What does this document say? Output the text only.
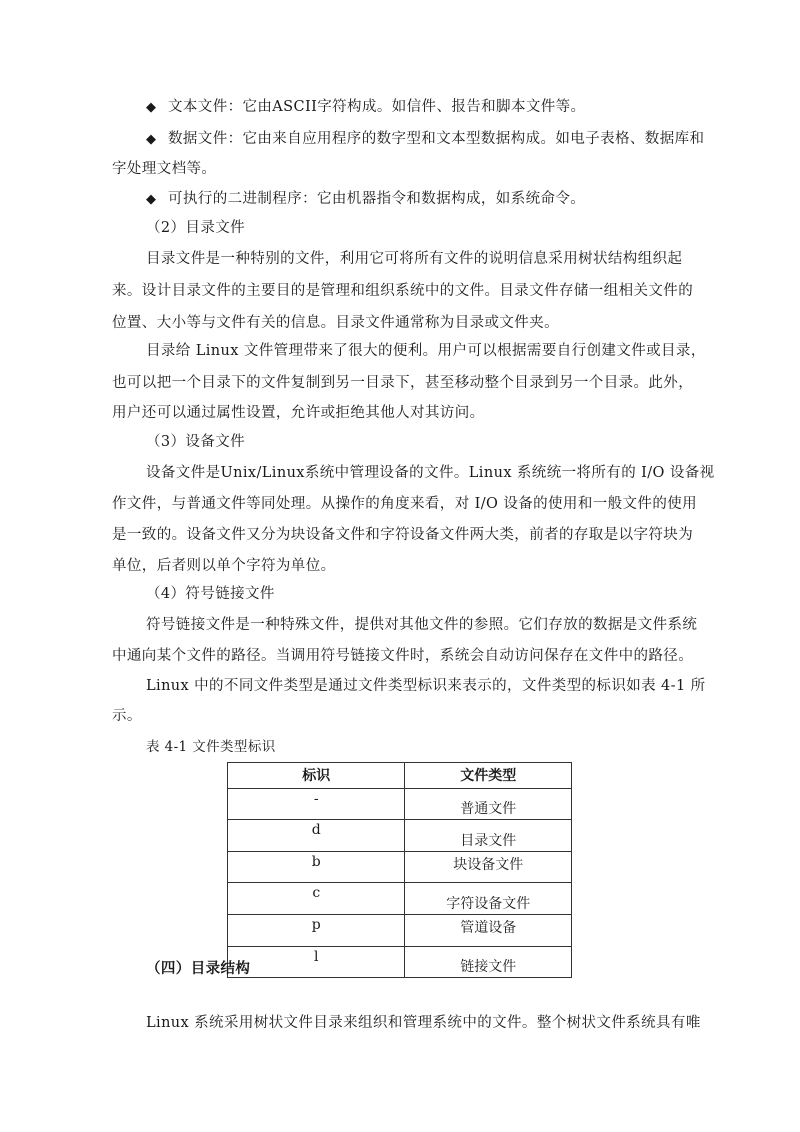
◆ 文本文件：它由ASCII字符构成。如信件、报告和脚本文件等。
◆ 数据文件：它由来自应用程序的数字型和文本型数据构成。如电子表格、数据库和
字处理文档等。
◆ 可执行的二进制程序：它由机器指令和数据构成，如系统命令。
（2）目录文件
目录文件是一种特别的文件，利用它可将所有文件的说明信息采用树状结构组织起
来。设计目录文件的主要目的是管理和组织系统中的文件。目录文件存储一组相关文件的
位置、大小等与文件有关的信息。目录文件通常称为目录或文件夹。
目录给 Linux 文件管理带来了很大的便利。用户可以根据需要自行创建文件或目录，
也可以把一个目录下的文件复制到另一目录下，甚至移动整个目录到另一个目录。此外，
用户还可以通过属性设置，允许或拒绝其他人对其访问。
（3）设备文件
设备文件是Unix/Linux系统中管理设备的文件。Linux 系统统一将所有的 I/O 设备视
作文件，与普通文件等同处理。从操作的角度来看，对 I/O 设备的使用和一般文件的使用
是一致的。设备文件又分为块设备文件和字符设备文件两大类，前者的存取是以字符块为
单位，后者则以单个字符为单位。
（4）符号链接文件
符号链接文件是一种特殊文件，提供对其他文件的参照。它们存放的数据是文件系统
中通向某个文件的路径。当调用符号链接文件时，系统会自动访问保存在文件中的路径。
Linux 中的不同文件类型是通过文件类型标识来表示的，文件类型的标识如表 4-1 所
示。
表 4-1 文件类型标识
标识	文件类型
-	普通文件
d	目录文件
b	块设备文件
c	字符设备文件
p	管道设备
l	链接文件
（四）目录结构
Linux 系统采用树状文件目录来组织和管理系统中的文件。整个树状文件系统具有唯
